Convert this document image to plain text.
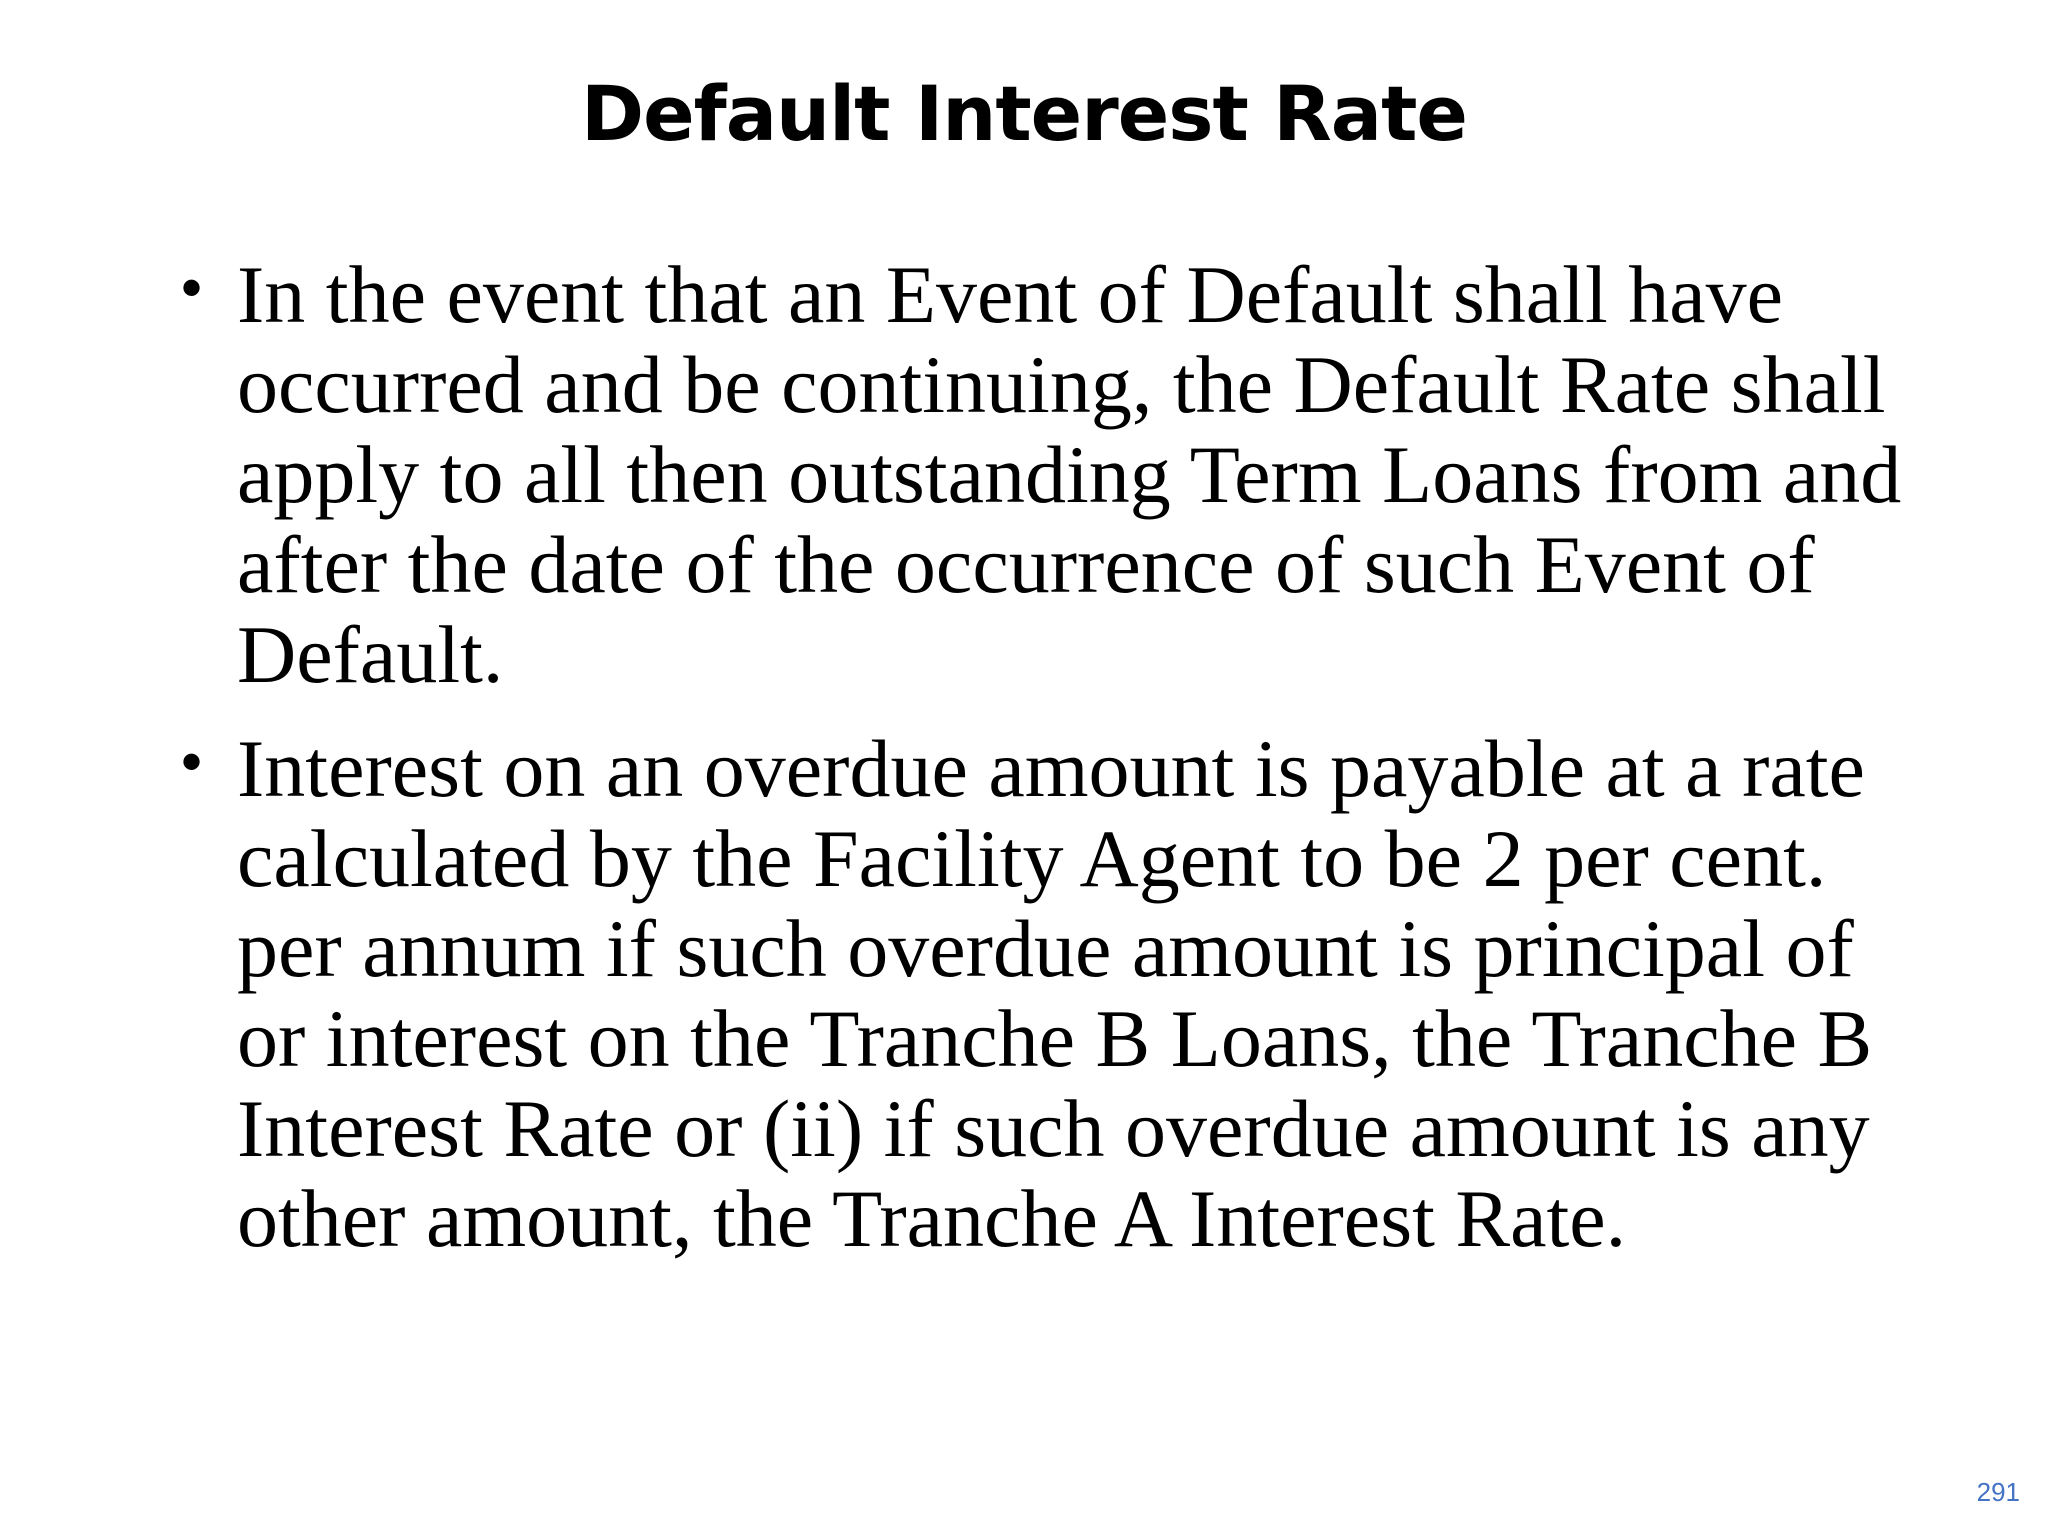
Default Interest Rate
• In the event that an Event of Default shall have occurred and be continuing, the Default Rate shall apply to all then outstanding Term Loans from and after the date of the occurrence of such Event of Default.
• Interest on an overdue amount is payable at a rate calculated by the Facility Agent to be 2 per cent. per annum if such overdue amount is principal of or interest on the Tranche B Loans, the Tranche B Interest Rate or (ii) if such overdue amount is any other amount, the Tranche A Interest Rate.
291
